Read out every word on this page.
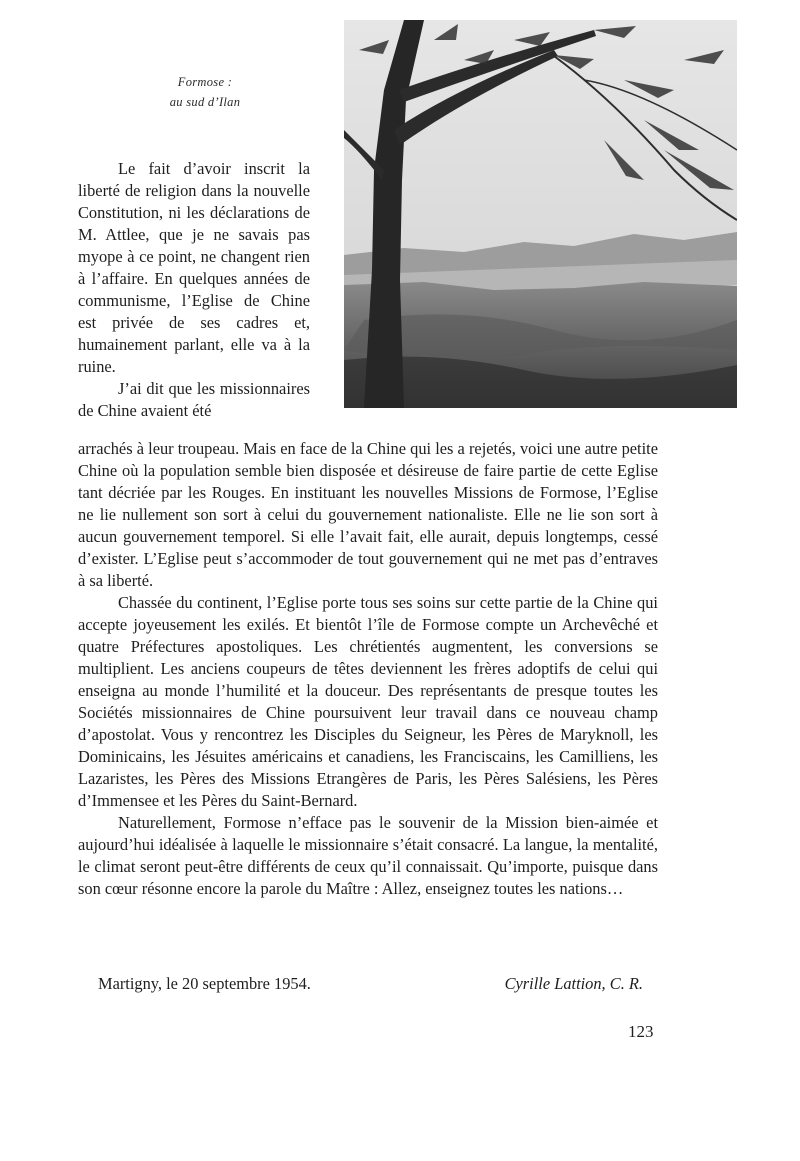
Formose :
au sud d’Ilan

Le fait d’avoir inscrit la liberté de religion dans la nouvelle Constitution, ni les déclarations de M. Attlee, que je ne savais pas myope à ce point, ne changent rien à l’affaire. En quelques années de communisme, l’Eglise de Chine est privée de ses cadres et, humainement parlant, elle va à la ruine.

J’ai dit que les missionnaires de Chine avaient été

arrachés à leur troupeau. Mais en face de la Chine qui les a rejetés, voici une autre petite Chine où la population semble bien disposée et désireuse de faire partie de cette Eglise tant décriée par les Rouges. En instituant les nouvelles Missions de Formose, l’Eglise ne lie nullement son sort à celui du gouvernement nationaliste. Elle ne lie son sort à aucun gouvernement temporel. Si elle l’avait fait, elle aurait, depuis longtemps, cessé d’exister. L’Eglise peut s’accommoder de tout gouvernement qui ne met pas d’entraves à sa liberté.

Chassée du continent, l’Eglise porte tous ses soins sur cette partie de la Chine qui accepte joyeusement les exilés. Et bientôt l’île de Formose compte un Archevêché et quatre Préfectures apostoliques. Les chrétientés augmentent, les conversions se multiplient. Les anciens coupeurs de têtes deviennent les frères adoptifs de celui qui enseigna au monde l’humilité et la douceur. Des représentants de presque toutes les Sociétés missionnaires de Chine poursuivent leur travail dans ce nouveau champ d’apostolat. Vous y rencontrez les Disciples du Seigneur, les Pères de Maryknoll, les Dominicains, les Jésuites américains et canadiens, les Franciscains, les Camilliens, les Lazaristes, les Pères des Missions Etrangères de Paris, les Pères Salésiens, les Pères d’Immensee et les Pères du Saint-Bernard.

Naturellement, Formose n’efface pas le souvenir de la Mission bien-aimée et aujourd’hui idéalisée à laquelle le missionnaire s’était consacré. La langue, la mentalité, le climat seront peut-être différents de ceux qu’il connaissait. Qu’importe, puisque dans son cœur résonne encore la parole du Maître : Allez, enseignez toutes les nations…

Martigny, le 20 septembre 1954.	Cyrille Lattion, C. R.
123
